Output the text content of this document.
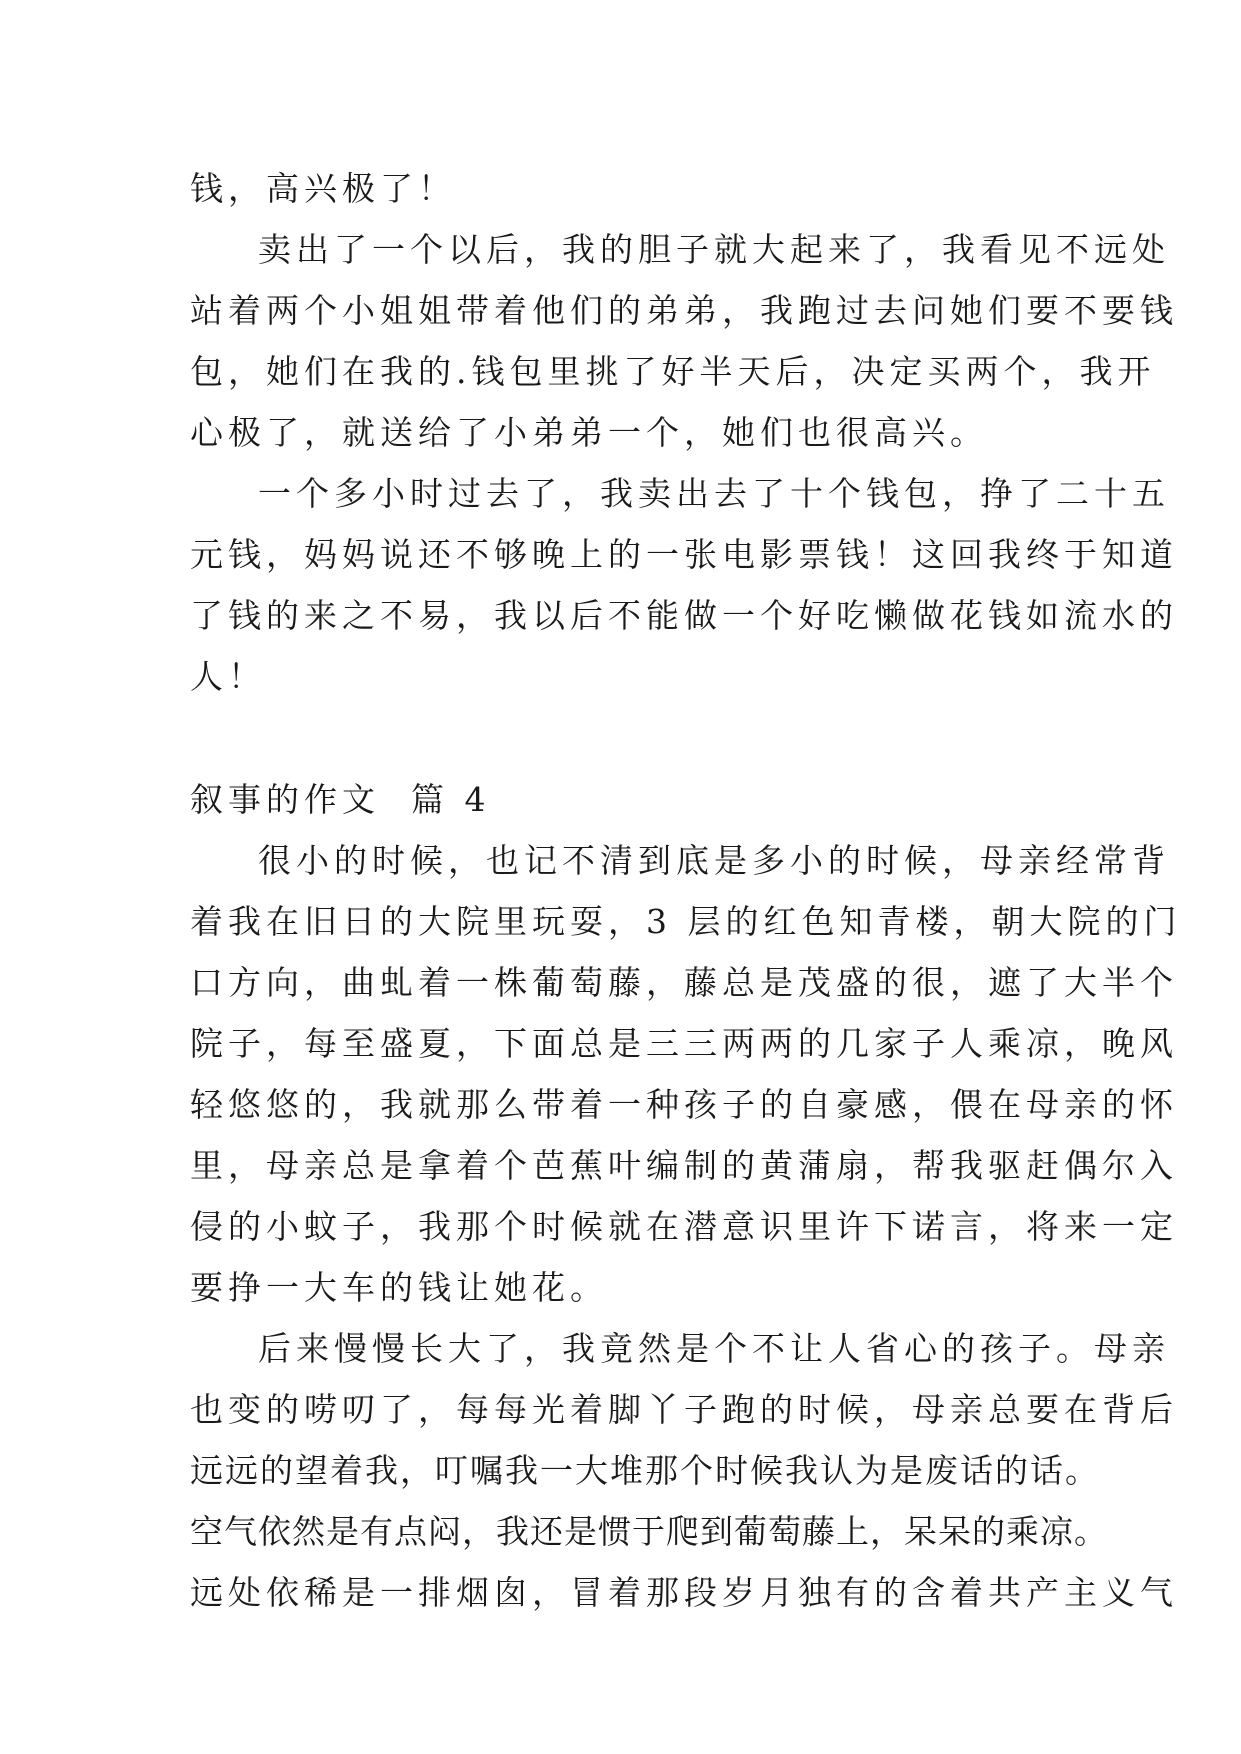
钱，高兴极了！
卖出了一个以后，我的胆子就大起来了，我看见不远处
站着两个小姐姐带着他们的弟弟，我跑过去问她们要不要钱
包，她们在我的.钱包里挑了好半天后，决定买两个，我开
心极了，就送给了小弟弟一个，她们也很高兴。
一个多小时过去了，我卖出去了十个钱包，挣了二十五
元钱，妈妈说还不够晚上的一张电影票钱！这回我终于知道
了钱的来之不易，我以后不能做一个好吃懒做花钱如流水的
人！
叙事的作文  篇 4
很小的时候，也记不清到底是多小的时候，母亲经常背
着我在旧日的大院里玩耍，3 层的红色知青楼，朝大院的门
口方向，曲虬着一株葡萄藤，藤总是茂盛的很，遮了大半个
院子，每至盛夏，下面总是三三两两的几家子人乘凉，晚风
轻悠悠的，我就那么带着一种孩子的自豪感，偎在母亲的怀
里，母亲总是拿着个芭蕉叶编制的黄蒲扇，帮我驱赶偶尔入
侵的小蚊子，我那个时候就在潜意识里许下诺言，将来一定
要挣一大车的钱让她花。
后来慢慢长大了，我竟然是个不让人省心的孩子。母亲
也变的唠叨了，每每光着脚丫子跑的时候，母亲总要在背后
远远的望着我，叮嘱我一大堆那个时候我认为是废话的话。
空气依然是有点闷，我还是惯于爬到葡萄藤上，呆呆的乘凉。
远处依稀是一排烟囱，冒着那段岁月独有的含着共产主义气
